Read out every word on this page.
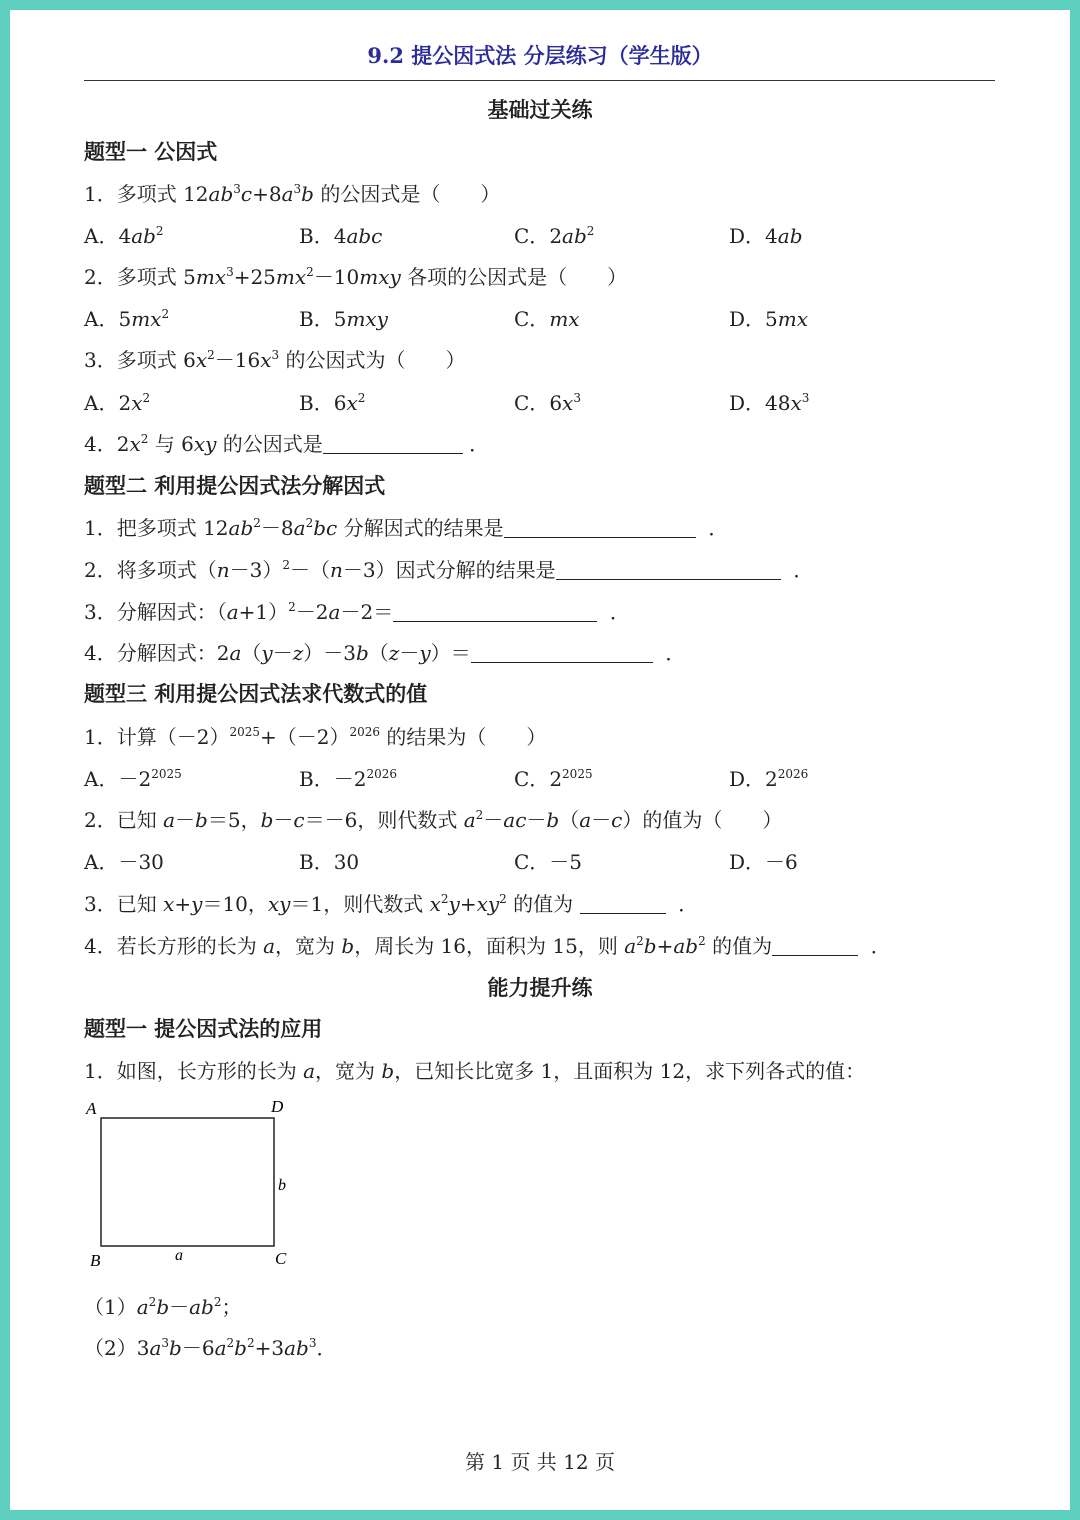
9.2 提公因式法 分层练习（学生版）
基础过关练
题型一 公因式
1．多项式 $12ab^3c+8a^3b$ 的公因式是（　　）
A．$4ab^2$	B．4abc	C．$2ab^2$	D．4ab
2．多项式 $5mx^3+25mx^2-10mxy$ 各项的公因式是（　　）
A．$5mx^2$	B．5mxy	C．mx	D．5mx
3．多项式 $6x^2-16x^3$ 的公因式为（　　）
A．$2x^2$	B．$6x^2$	C．$6x^3$	D．$48x^3$
4．$2x^2$ 与 6xy 的公因式是	．
题型二 利用提公因式法分解因式
1．把多项式 $12ab^2-8a^2bc$ 分解因式的结果是	．
2．将多项式$(n-3)^2-(n-3)$因式分解的结果是	．
3．分解因式：$(a+1)^2-2a-2=$	．
4．分解因式：2a（y－z）－3b（z－y）＝	．
题型三 利用提公因式法求代数式的值
1．计算$(-2)^{2025}+(-2)^{2026}$ 的结果为（　　）
A．$-2^{2025}$	B．$-2^{2026}$	C．$2^{2025}$	D．$2^{2026}$
2．已知 a－b＝5，b－c＝－6，则代数式 $a^2-ac-b(a-c)$的值为（　　）
A．－30	B．30	C．－5	D．－6
3．已知 x+y＝10，xy＝1，则代数式 $x^2y+xy^2$ 的值为	．
4．若长方形的长为 a，宽为 b，周长为 16，面积为 15，则 $a^2b+ab^2$ 的值为	．
能力提升练
题型一 提公因式法的应用
1．如图，长方形的长为 a，宽为 b，已知长比宽多 1，且面积为 12，求下列各式的值：
A	D
B	C
a
b
$(1)a^2b-ab^2$；
$(2)3a^3b-6a^2b^2+3ab^3$．
第 1 页 共 12 页
